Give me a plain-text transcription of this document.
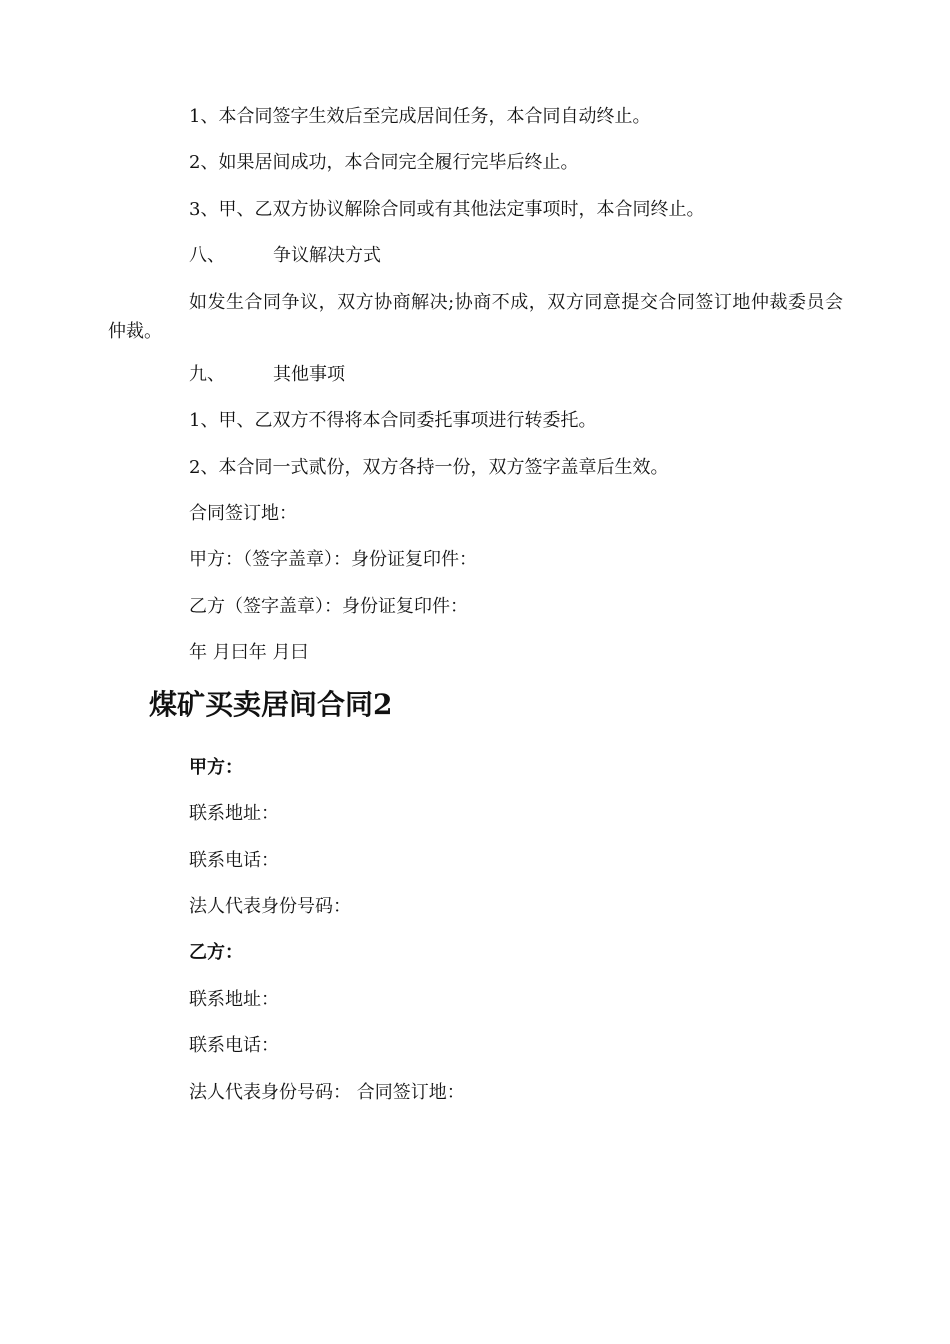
1、本合同签字生效后至完成居间任务，本合同自动终止。
2、如果居间成功，本合同完全履行完毕后终止。
3、甲、乙双方协议解除合同或有其他法定事项时，本合同终止。
八、	争议解决方式
如发生合同争议，双方协商解决;协商不成，双方同意提交合同签订地仲裁委员会仲裁。
九、	其他事项
1、甲、乙双方不得将本合同委托事项进行转委托。
2、本合同一式贰份，双方各持一份，双方签字盖章后生效。
合同签订地：
甲方：（签字盖章）：身份证复印件：
乙方（签字盖章）：身份证复印件：
年 月曰年 月曰
煤矿买卖居间合同2
甲方：
联系地址：
联系电话：
法人代表身份号码：
乙方：
联系地址：
联系电话：
法人代表身份号码： 合同签订地：
